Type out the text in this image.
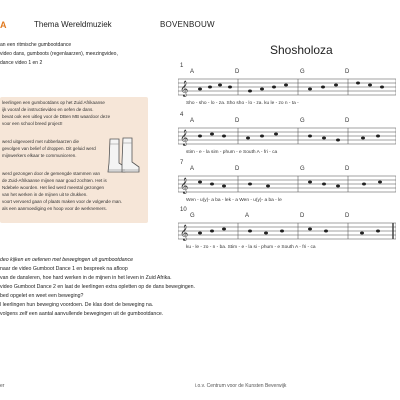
A	Thema Wereldmuziek	BOVENBOUW
an een ritmische gumbootdance
video dans, gumboots (regenlaarzen), meezingvideo,
dance video 1 en 2
leerlingen een gumbootdans op het Zuid Afrikaanse
ijk vooraf de instructievideo en oefen de dans.
bevat ook een uitleg voor de DBen MB waardoor deze
voor een school breed project!
werd uitgevoerd met rubberlaarzen die
gevolgen van belief of droppen. Dit geluid werd
mijnwerkers elkaar te communiceren.
werd gezongen door de gemengde stammen van
de Zuid-Afrikaanse mijnen naar goud zochten. Het is
Ndebele woorden. Het lied werd meestal gezongen
van het werken in de mijnen uit te drukken.
voort vervoerd gaan of plaats maken voor de volgende man.
als een aanmoediging en hoop voor de werknemers.
Shosholoza
1
A	D	G	D
𝄞
Sho - sho - lo - za. Sho sho - lo - za. ku le - zo n - ta -
4
A	D	G	D
𝄞
stim - e - la sim - phum - e South A - fri - ca
7
A	D	G	D
𝄞
Wen - u(y)- a ba - lek - a Wen - u(y)- a ba - le
10
G	A	D	D
𝄞
ku - le - zo - n - ba. Stim - e - la si - phum - e South A - fri - ca
deo kijken en oefenen met bewegingen uit gumbootdance
naar de video Gumboot Dance 1 en bespreek na afloop
van de dansleren, hoe hard werken in de mijnen in het leven in Zuid Afrika.
video Gumboot Dance 2 en laat de leerlingen extra opletten op de dans bewegingen.
bed opgelet en weet een beweging?
l leerlingen hun beweging voordoen. De klas doet de beweging na.
volgens zelf een aantal aanvullende bewegingen uit de gumbootdance.
er	i.o.v. Centrum voor de Kunsten Beverwijk
